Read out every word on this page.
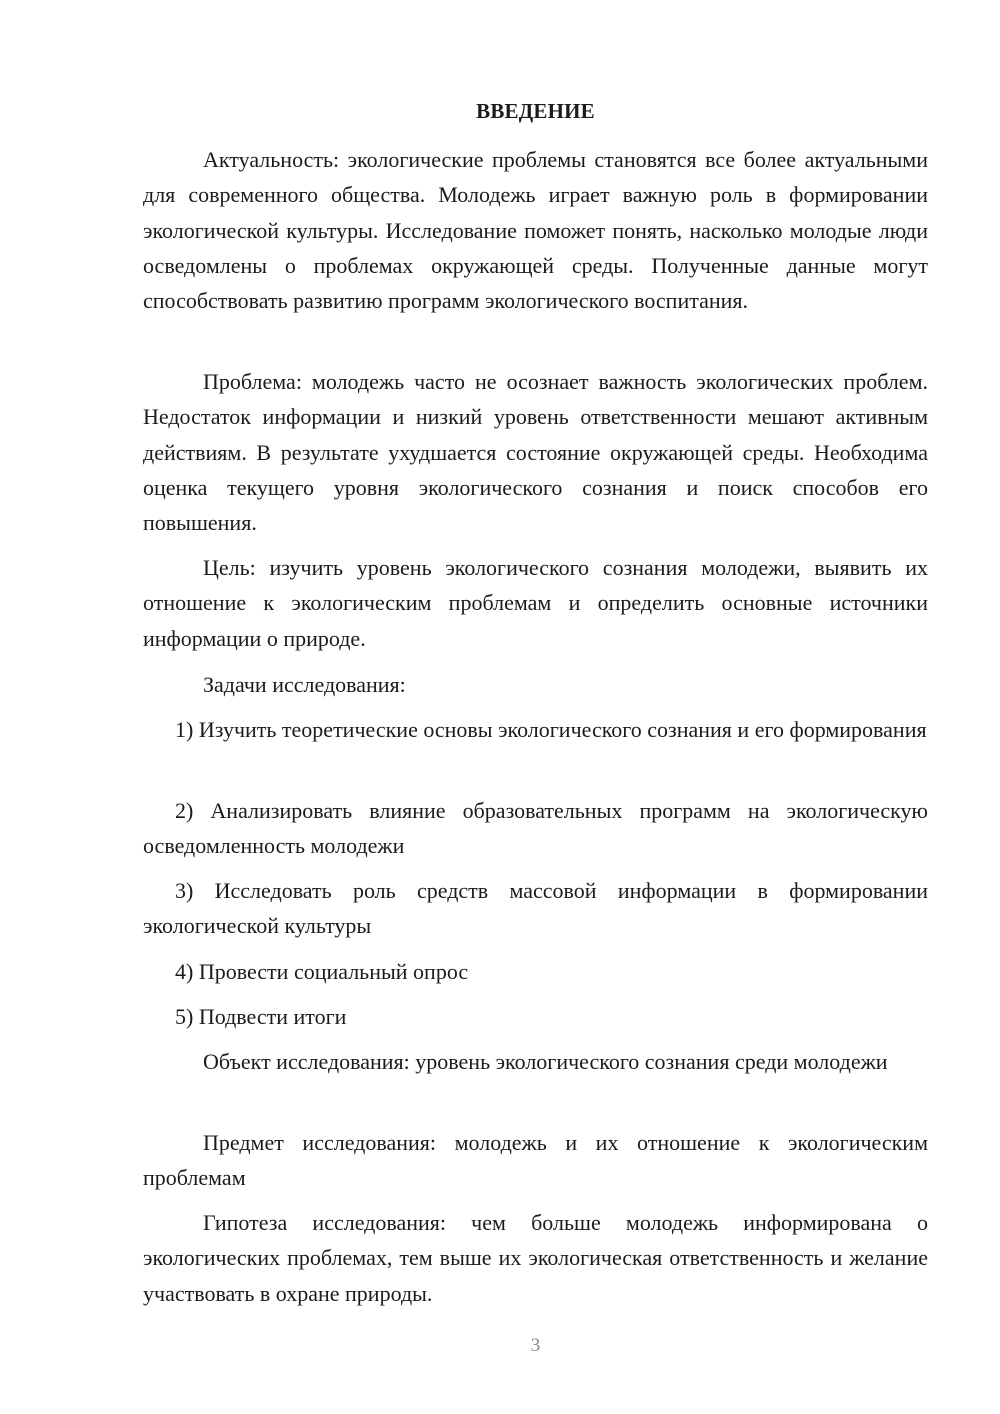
ВВЕДЕНИЕ

Актуальность: экологические проблемы становятся все более актуальными для современного общества. Молодежь играет важную роль в формировании экологической культуры. Исследование поможет понять, насколько молодые люди осведомлены о проблемах окружающей среды. Полученные данные могут способствовать развитию программ экологического воспитания.

Проблема: молодежь часто не осознает важность экологических проблем. Недостаток информации и низкий уровень ответственности мешают активным действиям. В результате ухудшается состояние окружающей среды. Необходима оценка текущего уровня экологического сознания и поиск способов его повышения.

Цель: изучить уровень экологического сознания молодежи, выявить их отношение к экологическим проблемам и определить основные источники информации о природе.

Задачи исследования:

1) Изучить теоретические основы экологического сознания и его формирования

2) Анализировать влияние образовательных программ на экологическую осведомленность молодежи

3) Исследовать роль средств массовой информации в формировании экологической культуры

4) Провести социальный опрос

5) Подвести итоги

Объект исследования: уровень экологического сознания среди молодежи

Предмет исследования: молодежь и их отношение к экологическим проблемам

Гипотеза исследования: чем больше молодежь информирована о экологических проблемах, тем выше их экологическая ответственность и желание участвовать в охране природы.

3
